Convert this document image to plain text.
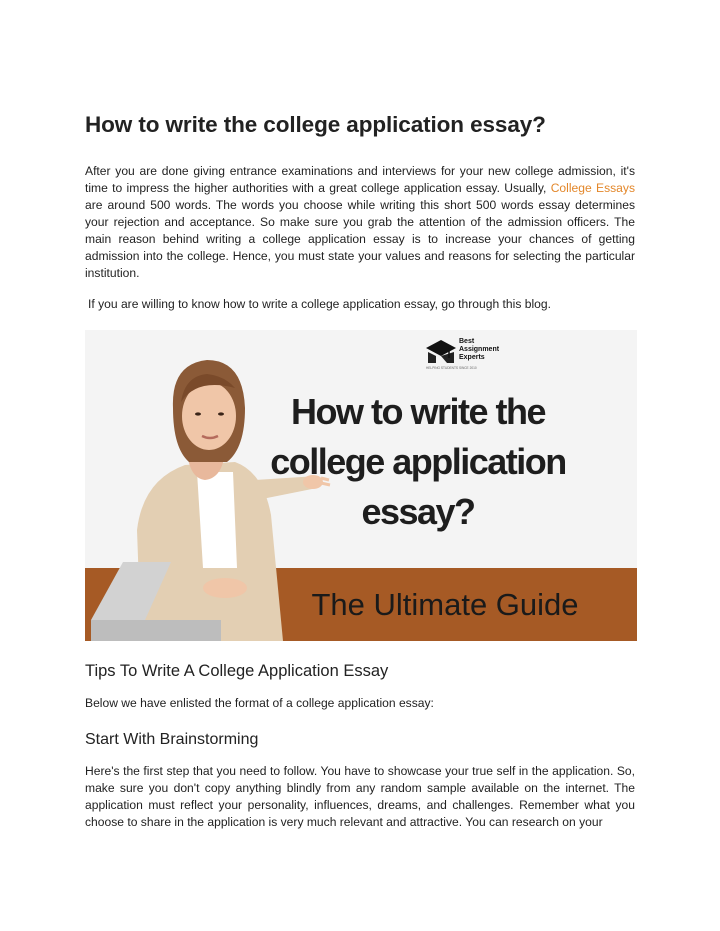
How to write the college application essay?

After you are done giving entrance examinations and interviews for your new college admission, it's time to impress the higher authorities with a great college application essay. Usually, College Essays are around 500 words. The words you choose while writing this short 500 words essay determines your rejection and acceptance. So make sure you grab the attention of the admission officers. The main reason behind writing a college application essay is to increase your chances of getting admission into the college. Hence, you must state your values and reasons for selecting the particular institution.

If you are willing to know how to write a college application essay, go through this blog.

Best
Assignment
Experts
HELPING STUDENTS SINCE 2010
How to write the
college application
essay?
The Ultimate Guide
Tips To Write A College Application Essay

Below we have enlisted the format of a college application essay:

Start With Brainstorming

Here's the first step that you need to follow. You have to showcase your true self in the application. So, make sure you don't copy anything blindly from any random sample available on the internet. The application must reflect your personality, influences, dreams, and challenges. Remember what you choose to share in the application is very much relevant and attractive. You can research on your
